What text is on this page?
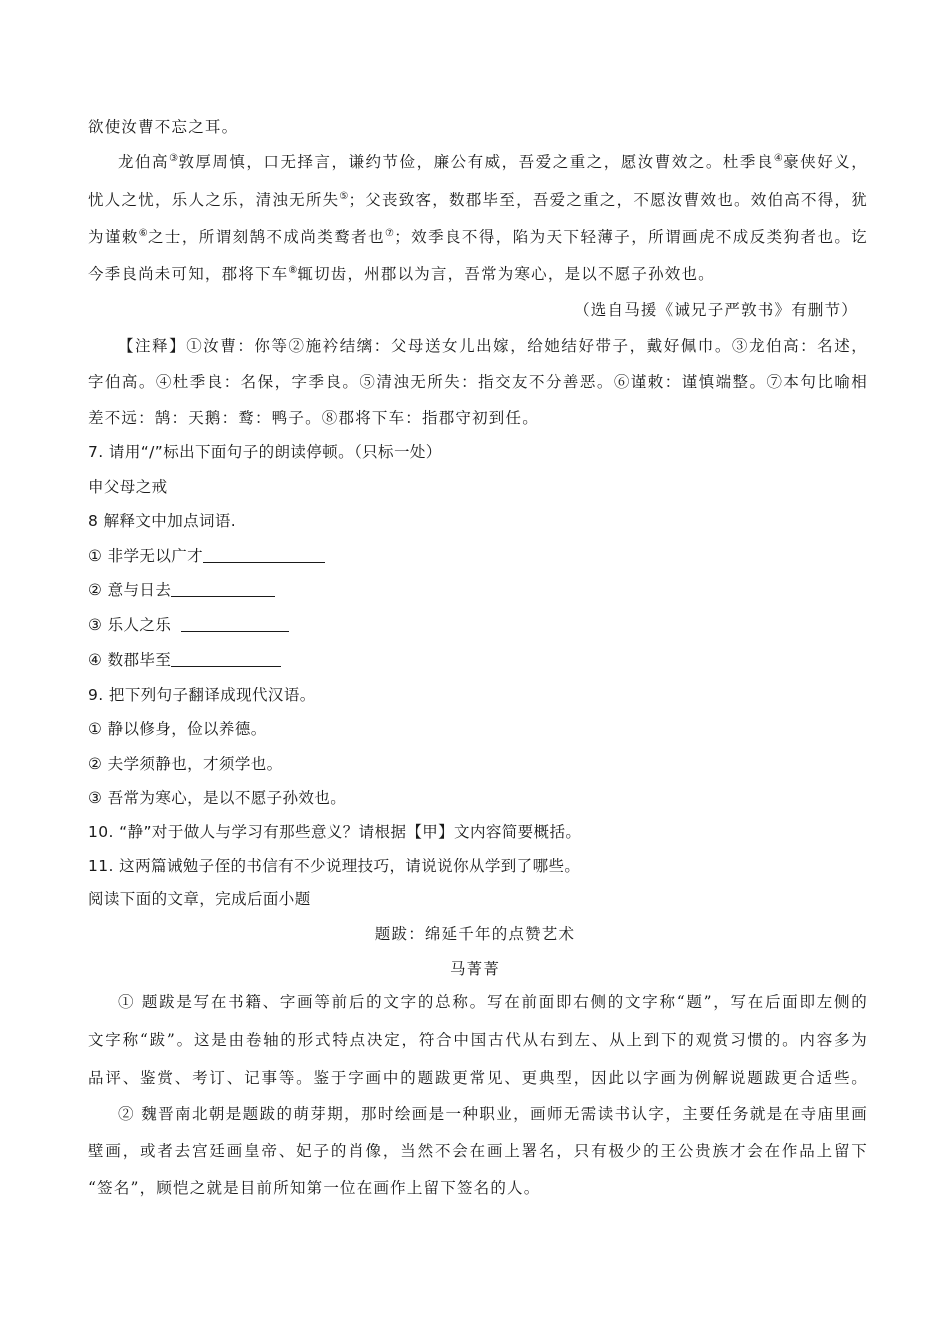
欲使汝曹不忘之耳。
龙伯高③敦厚周慎，口无择言，谦约节俭，廉公有威，吾爱之重之，愿汝曹效之。杜季良④豪侠好义，
忧人之忧，乐人之乐，清浊无所失⑤；父丧致客，数郡毕至，吾爱之重之，不愿汝曹效也。效伯高不得，犹
为谨敕⑥之士，所谓刻鹄不成尚类鹜者也⑦；效季良不得，陷为天下轻薄子，所谓画虎不成反类狗者也。讫
今季良尚未可知，郡将下车⑧辄切齿，州郡以为言，吾常为寒心，是以不愿子孙效也。
（选自马援《诫兄子严敦书》有删节）
【注释】①汝曹：你等②施衿结缡：父母送女儿出嫁，给她结好带子，戴好佩巾。③龙伯高：名述，
字伯高。④杜季良：名保，字季良。⑤清浊无所失：指交友不分善恶。⑥谨敕：谨慎端整。⑦本句比喻相
差不远：鹄：天鹅：鹜：鸭子。⑧郡将下车：指郡守初到任。
7. 请用“/”标出下面句子的朗读停顿。（只标一处）
申父母之戒
8 解释文中加点词语.
① 非学无以广才
② 意与日去
③ 乐人之乐
④ 数郡毕至
9. 把下列句子翻译成现代汉语。
① 静以修身，俭以养德。
② 夫学须静也，才须学也。
③ 吾常为寒心，是以不愿子孙效也。
10. “静”对于做人与学习有那些意义？请根据【甲】文内容简要概括。
11. 这两篇诫勉子侄的书信有不少说理技巧，请说说你从学到了哪些。
阅读下面的文章，完成后面小题
题跋：绵延千年的点赞艺术
马菁菁
① 题跋是写在书籍、字画等前后的文字的总称。写在前面即右侧的文字称“题”，写在后面即左侧的
文字称“跋”。这是由卷轴的形式特点决定，符合中国古代从右到左、从上到下的观赏习惯的。内容多为
品评、鉴赏、考订、记事等。鉴于字画中的题跋更常见、更典型，因此以字画为例解说题跋更合适些。
② 魏晋南北朝是题跋的萌芽期，那时绘画是一种职业，画师无需读书认字，主要任务就是在寺庙里画
壁画，或者去宫廷画皇帝、妃子的肖像，当然不会在画上署名，只有极少的王公贵族才会在作品上留下
“签名”，顾恺之就是目前所知第一位在画作上留下签名的人。
